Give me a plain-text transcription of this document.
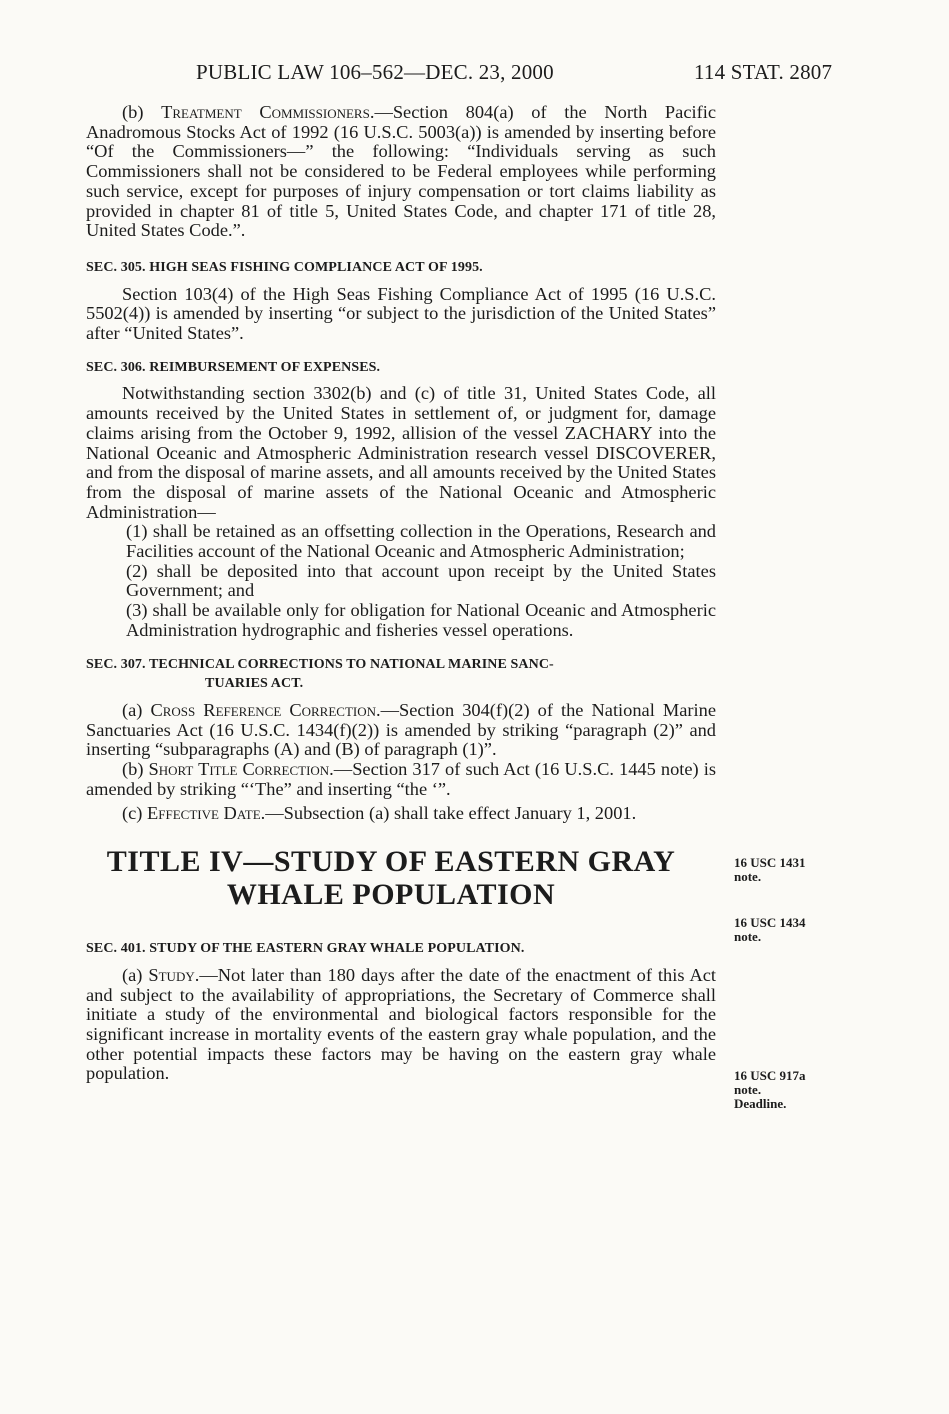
PUBLIC LAW 106–562—DEC. 23, 2000	114 STAT. 2807

(b) Treatment Commissioners.—Section 804(a) of the North Pacific Anadromous Stocks Act of 1992 (16 U.S.C. 5003(a)) is amended by inserting before “Of the Commissioners—” the following: “Individuals serving as such Commissioners shall not be considered to be Federal employees while performing such service, except for purposes of injury compensation or tort claims liability as provided in chapter 81 of title 5, United States Code, and chapter 171 of title 28, United States Code.”.

SEC. 305. HIGH SEAS FISHING COMPLIANCE ACT OF 1995.

Section 103(4) of the High Seas Fishing Compliance Act of 1995 (16 U.S.C. 5502(4)) is amended by inserting “or subject to the jurisdiction of the United States” after “United States”.

SEC. 306. REIMBURSEMENT OF EXPENSES.

Notwithstanding section 3302(b) and (c) of title 31, United States Code, all amounts received by the United States in settlement of, or judgment for, damage claims arising from the October 9, 1992, allision of the vessel ZACHARY into the National Oceanic and Atmospheric Administration research vessel DISCOVERER, and from the disposal of marine assets, and all amounts received by the United States from the disposal of marine assets of the National Oceanic and Atmospheric Administration—

(1) shall be retained as an offsetting collection in the Operations, Research and Facilities account of the National Oceanic and Atmospheric Administration;

(2) shall be deposited into that account upon receipt by the United States Government; and

(3) shall be available only for obligation for National Oceanic and Atmospheric Administration hydrographic and fisheries vessel operations.

SEC. 307. TECHNICAL CORRECTIONS TO NATIONAL MARINE SANC-

TUARIES ACT.

(a) Cross Reference Correction.—Section 304(f)(2) of the National Marine Sanctuaries Act (16 U.S.C. 1434(f)(2)) is amended by striking “paragraph (2)” and inserting “subparagraphs (A) and (B) of paragraph (1)”.

(b) Short Title Correction.—Section 317 of such Act (16 U.S.C. 1445 note) is amended by striking “‘The” and inserting “the ‘”.

(c) Effective Date.—Subsection (a) shall take effect January 1, 2001.

TITLE IV—STUDY OF EASTERN GRAY
WHALE POPULATION

SEC. 401. STUDY OF THE EASTERN GRAY WHALE POPULATION.

(a) Study.—Not later than 180 days after the date of the enactment of this Act and subject to the availability of appropriations, the Secretary of Commerce shall initiate a study of the environmental and biological factors responsible for the significant increase in mortality events of the eastern gray whale population, and the other potential impacts these factors may be having on the eastern gray whale population.

16 USC 1431
note.
16 USC 1434
note.
16 USC 917a
note.
Deadline.
